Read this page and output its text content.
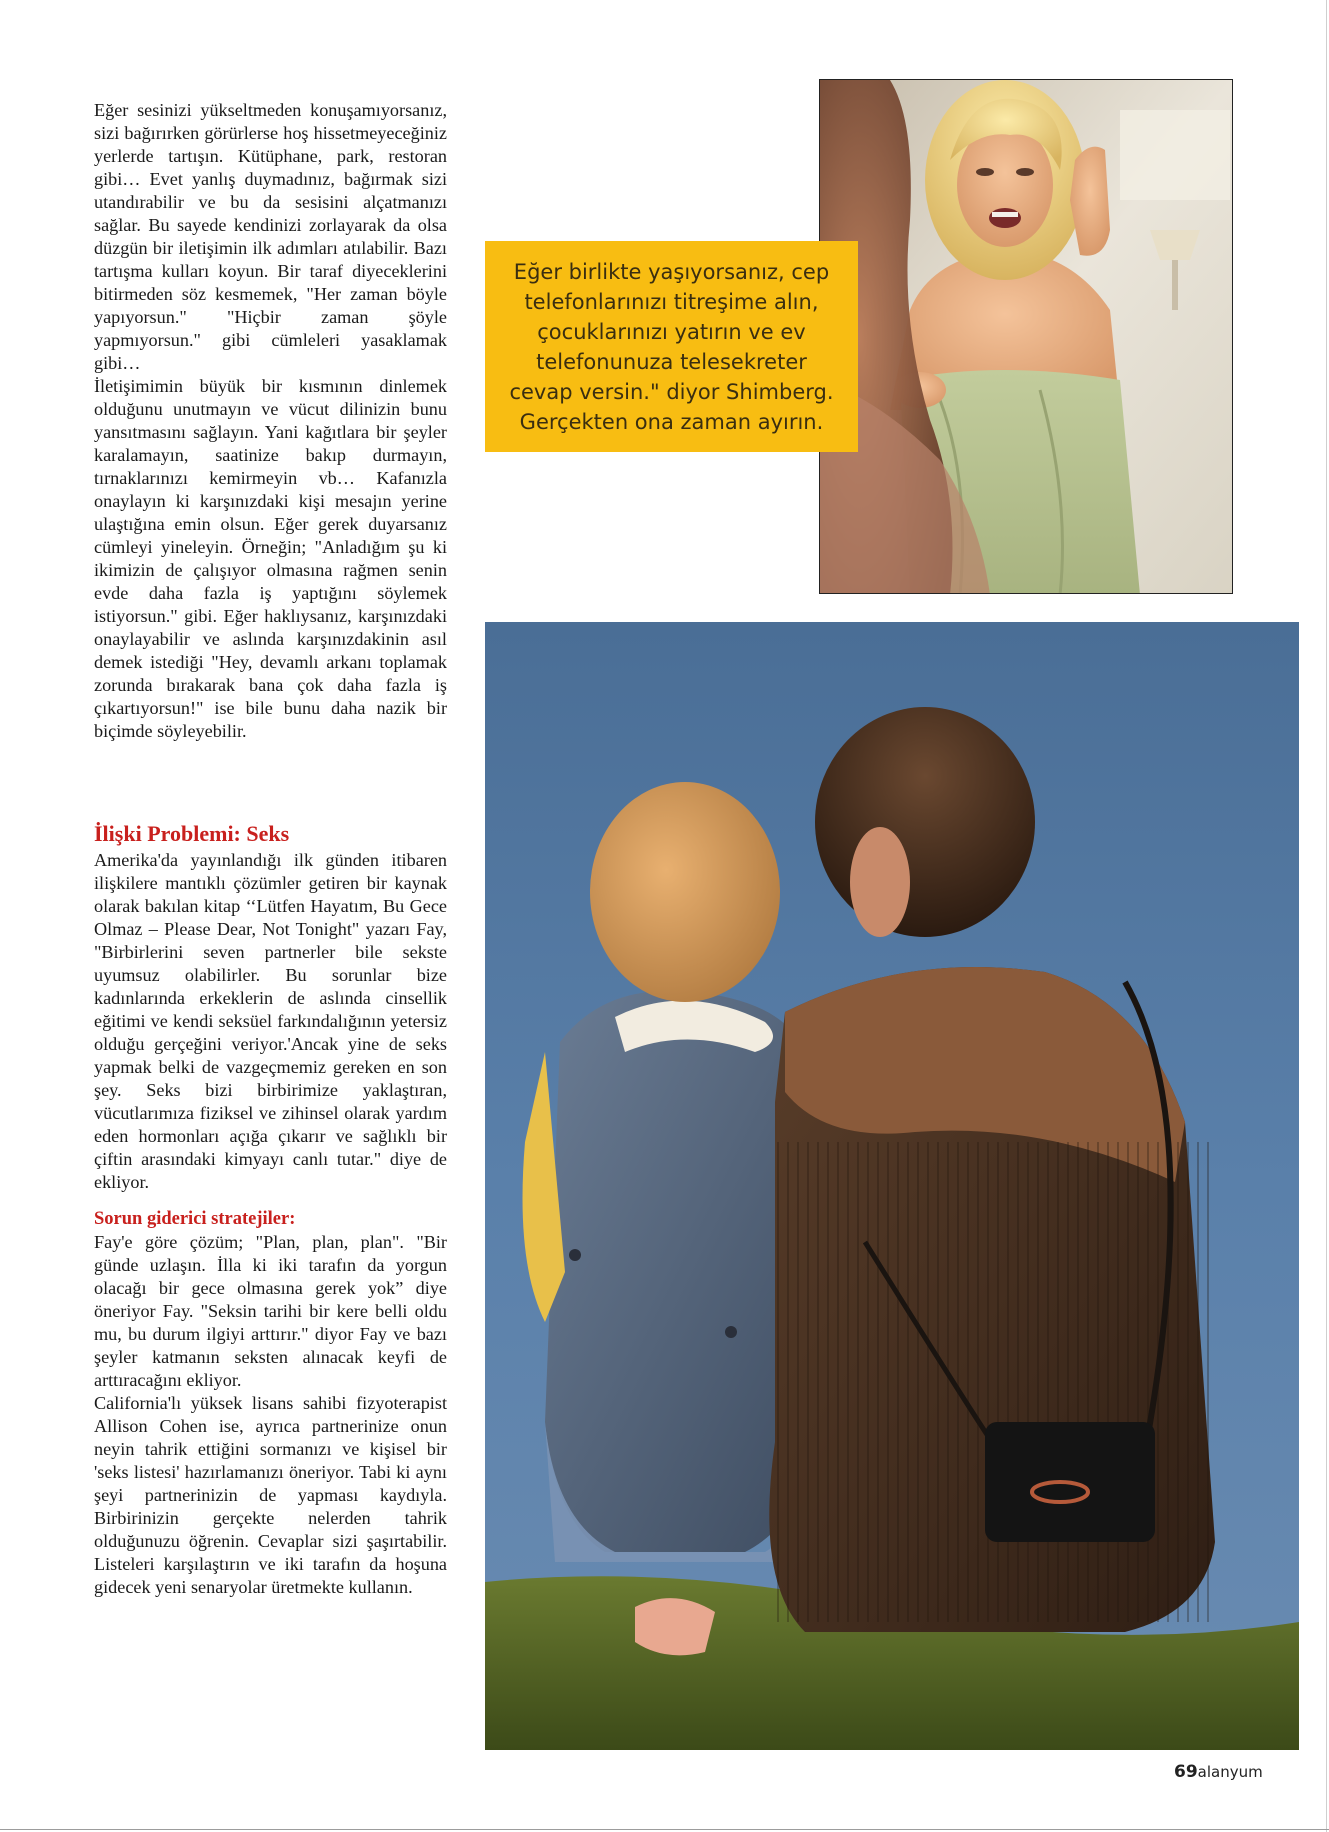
Eğer sesinizi yükseltmeden konuşamıyorsanız, sizi bağırırken görürlerse hoş hissetmeyeceğiniz yerlerde tartışın. Kütüphane, park, restoran gibi… Evet yanlış duymadınız, bağırmak sizi utandırabilir ve bu da sesisini alçatmanızı sağlar. Bu sayede kendinizi zorlayarak da olsa düzgün bir iletişimin ilk adımları atılabilir. Bazı tartışma kulları koyun. Bir taraf diyeceklerini bitirmeden söz kesmemek, "Her zaman böyle yapıyorsun." "Hiçbir zaman şöyle yapmıyorsun." gibi cümleleri yasaklamak gibi…

İletişimimin büyük bir kısmının dinlemek olduğunu unutmayın ve vücut dilinizin bunu yansıtmasını sağlayın. Yani kağıtlara bir şeyler karalamayın, saatinize bakıp durmayın, tırnaklarınızı kemirmeyin vb… Kafanızla onaylayın ki karşınızdaki kişi mesajın yerine ulaştığına emin olsun. Eğer gerek duyarsanız cümleyi yineleyin. Örneğin; "Anladığım şu ki ikimizin de çalışıyor olmasına rağmen senin evde daha fazla iş yaptığını söylemek istiyorsun." gibi. Eğer haklıysanız, karşınızdaki onaylayabilir ve aslında karşınızdakinin asıl demek istediği "Hey, devamlı arkanı toplamak zorunda bırakarak bana çok daha fazla iş çıkartıyorsun!" ise bile bunu daha nazik bir biçimde söyleyebilir.

İlişki Problemi: Seks

Amerika'da yayınlandığı ilk günden itibaren ilişkilere mantıklı çözümler getiren bir kaynak olarak bakılan kitap ‘‘Lütfen Hayatım, Bu Gece Olmaz – Please Dear, Not Tonight" yazarı Fay, "Birbirlerini seven partnerler bile sekste uyumsuz olabilirler. Bu sorunlar bize kadınlarında erkeklerin de aslında cinsellik eğitimi ve kendi seksüel farkındalığının yetersiz olduğu gerçeğini veriyor.'Ancak yine de seks yapmak belki de vazgeçmemiz gereken en son şey. Seks bizi birbirimize yaklaştıran, vücutlarımıza fiziksel ve zihinsel olarak yardım eden hormonları açığa çıkarır ve sağlıklı bir çiftin arasındaki kimyayı canlı tutar." diye de ekliyor.

Sorun giderici stratejiler:

Fay'e göre çözüm; "Plan, plan, plan". "Bir günde uzlaşın. İlla ki iki tarafın da yorgun olacağı bir gece olmasına gerek yok” diye öneriyor Fay. "Seksin tarihi bir kere belli oldu mu, bu durum ilgiyi arttırır." diyor Fay ve bazı şeyler katmanın seksten alınacak keyfi de arttıracağını ekliyor.

California'lı yüksek lisans sahibi fizyoterapist Allison Cohen ise, ayrıca partnerinize onun neyin tahrik ettiğini sormanızı ve kişisel bir 'seks listesi' hazırlamanızı öneriyor. Tabi ki aynı şeyi partnerinizin de yapması kaydıyla. Birbirinizin gerçekte nelerden tahrik olduğunuzu öğrenin. Cevaplar sizi şaşırtabilir. Listeleri karşılaştırın ve iki tarafın da hoşuna gidecek yeni senaryolar üretmekte kullanın.

Eğer birlikte yaşıyorsanız, cep
telefonlarınızı titreşime alın,
çocuklarınızı yatırın ve ev
telefonunuza telesekreter
cevap versin." diyor Shimberg.
Gerçekten ona zaman ayırın.

69alanyum
